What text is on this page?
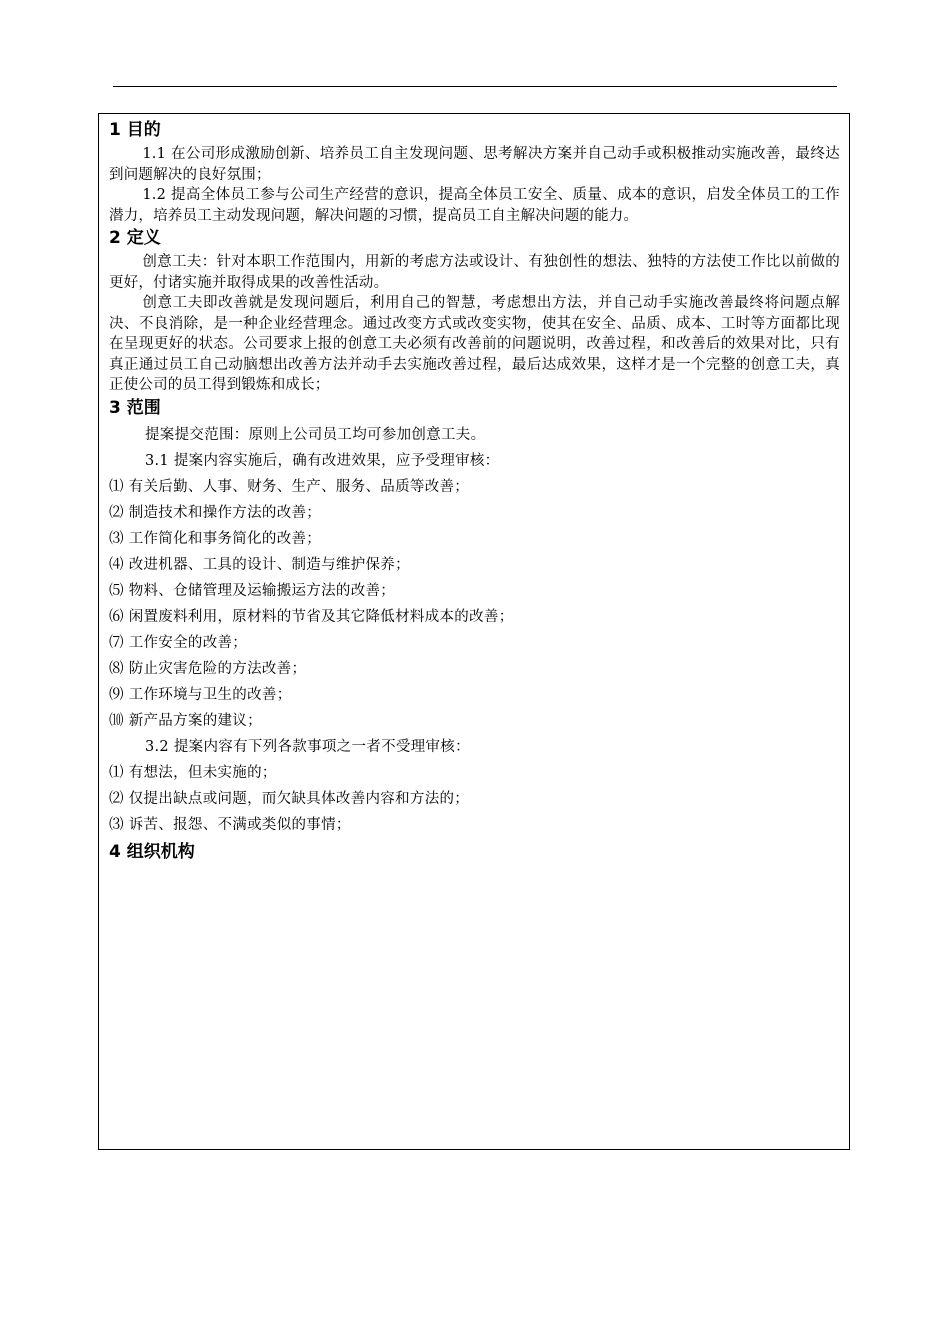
1 目的

1.1 在公司形成激励创新、培养员工自主发现问题、思考解决方案并自己动手或积极推动实施改善，最终达到问题解决的良好氛围；

1.2 提高全体员工参与公司生产经营的意识，提高全体员工安全、质量、成本的意识，启发全体员工的工作潜力，培养员工主动发现问题，解决问题的习惯，提高员工自主解决问题的能力。

2 定义

创意工夫：针对本职工作范围内，用新的考虑方法或设计、有独创性的想法、独特的方法使工作比以前做的更好，付诸实施并取得成果的改善性活动。

创意工夫即改善就是发现问题后，利用自己的智慧，考虑想出方法，并自己动手实施改善最终将问题点解决、不良消除，是一种企业经营理念。通过改变方式或改变实物，使其在安全、品质、成本、工时等方面都比现在呈现更好的状态。公司要求上报的创意工夫必须有改善前的问题说明，改善过程，和改善后的效果对比，只有真正通过员工自己动脑想出改善方法并动手去实施改善过程，最后达成效果，这样才是一个完整的创意工夫，真正使公司的员工得到锻炼和成长；

3 范围

提案提交范围：原则上公司员工均可参加创意工夫。

3.1 提案内容实施后，确有改进效果，应予受理审核：

⑴ 有关后勤、人事、财务、生产、服务、品质等改善；

⑵ 制造技术和操作方法的改善；

⑶ 工作简化和事务简化的改善；

⑷ 改进机器、工具的设计、制造与维护保养；

⑸ 物料、仓储管理及运输搬运方法的改善；

⑹ 闲置废料利用，原材料的节省及其它降低材料成本的改善；

⑺ 工作安全的改善；

⑻ 防止灾害危险的方法改善；

⑼ 工作环境与卫生的改善；

⑽ 新产品方案的建议；

3.2 提案内容有下列各款事项之一者不受理审核：

⑴ 有想法，但未实施的；

⑵ 仅提出缺点或问题，而欠缺具体改善内容和方法的；

⑶ 诉苦、报怨、不满或类似的事情；

4 组织机构
